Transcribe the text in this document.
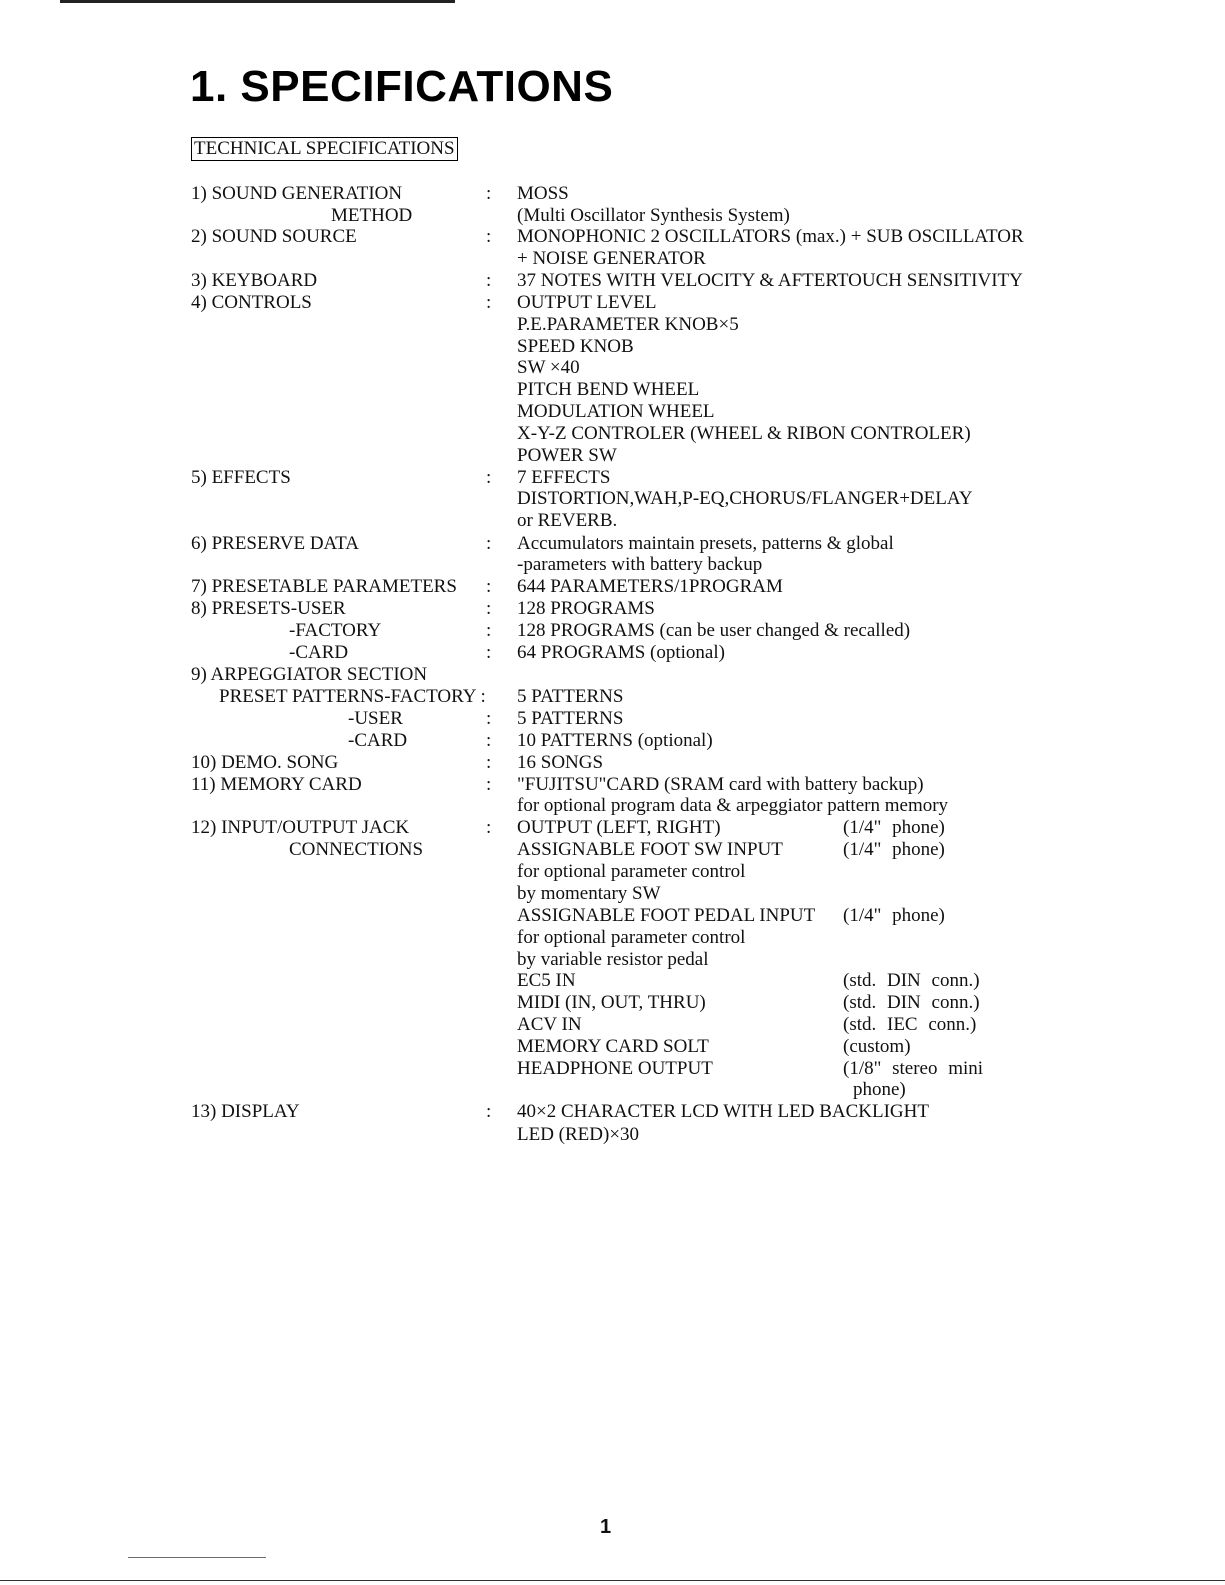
1. SPECIFICATIONS
TECHNICAL SPECIFICATIONS
1) SOUND GENERATION	: MOSS
METHOD	(Multi Oscillator Synthesis System)
2) SOUND SOURCE	: MONOPHONIC 2 OSCILLATORS (max.) + SUB OSCILLATOR
+ NOISE GENERATOR
3) KEYBOARD	: 37 NOTES WITH VELOCITY & AFTERTOUCH SENSITIVITY
4) CONTROLS	: OUTPUT LEVEL
P.E.PARAMETER KNOB×5
SPEED KNOB
SW ×40
PITCH BEND WHEEL
MODULATION WHEEL
X-Y-Z CONTROLER (WHEEL & RIBON CONTROLER)
POWER SW
5) EFFECTS	: 7 EFFECTS
DISTORTION,WAH,P-EQ,CHORUS/FLANGER+DELAY
or REVERB.
6) PRESERVE DATA	: Accumulators maintain presets, patterns & global
-parameters with battery backup
7) PRESETABLE PARAMETERS : 644 PARAMETERS/1PROGRAM
8) PRESETS-USER	: 128 PROGRAMS
-FACTORY	: 128 PROGRAMS (can be user changed & recalled)
-CARD	: 64 PROGRAMS (optional)
9) ARPEGGIATOR SECTION
PRESET PATTERNS-FACTORY : 5 PATTERNS
-USER	: 5 PATTERNS
-CARD	: 10 PATTERNS (optional)
10) DEMO. SONG	: 16 SONGS
11) MEMORY CARD	: "FUJITSU"CARD (SRAM card with battery backup)
for optional program data & arpeggiator pattern memory
12) INPUT/OUTPUT JACK	: OUTPUT (LEFT, RIGHT)	(1/4" phone)
CONNECTIONS	ASSIGNABLE FOOT SW INPUT	(1/4" phone)
for optional parameter control
by momentary SW
ASSIGNABLE FOOT PEDAL INPUT (1/4" phone)
for optional parameter control
by variable resistor pedal
EC5 IN	(std. DIN conn.)
MIDI (IN, OUT, THRU)	(std. DIN conn.)
ACV IN	(std. IEC conn.)
MEMORY CARD SOLT	(custom)
HEADPHONE OUTPUT	(1/8" stereo mini
phone)
13) DISPLAY	: 40×2 CHARACTER LCD WITH LED BACKLIGHT
LED (RED)×30
1
